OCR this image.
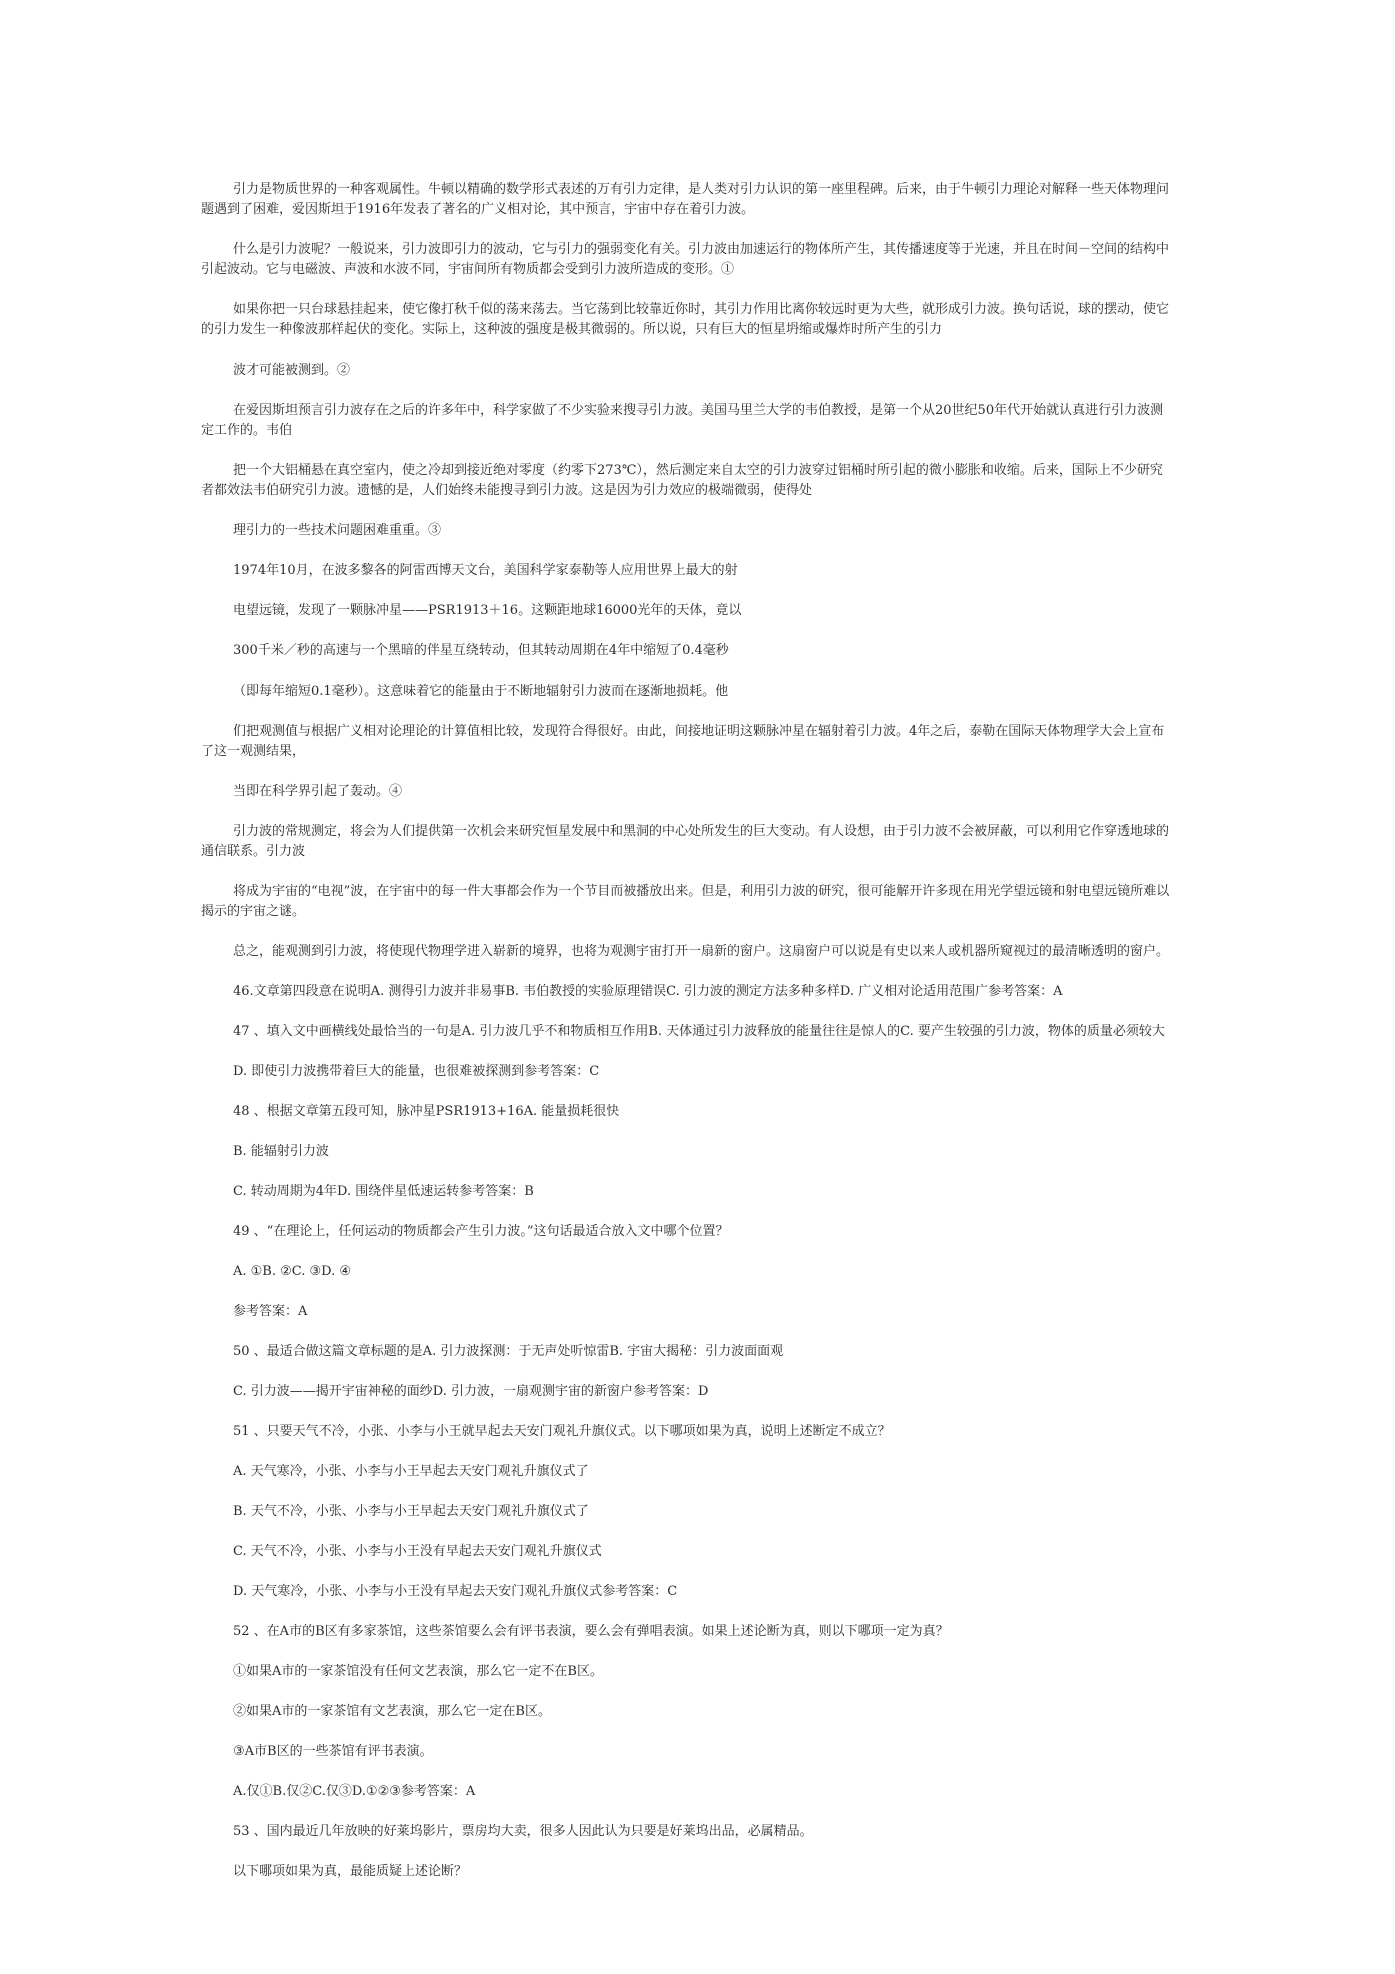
引力是物质世界的一种客观属性。牛顿以精确的数学形式表述的万有引力定律，是人类对引力认识的第一座里程碑。后来，由于牛顿引力理论对解释一些天体物理问题遇到了困难，爱因斯坦于1916年发表了著名的广义相对论，其中预言，宇宙中存在着引力波。

什么是引力波呢？一般说来，引力波即引力的波动，它与引力的强弱变化有关。引力波由加速运行的物体所产生，其传播速度等于光速，并且在时间－空间的结构中引起波动。它与电磁波、声波和水波不同，宇宙间所有物质都会受到引力波所造成的变形。①

如果你把一只台球悬挂起来，使它像打秋千似的荡来荡去。当它荡到比较靠近你时，其引力作用比离你较远时更为大些，就形成引力波。换句话说，球的摆动，使它的引力发生一种像波那样起伏的变化。实际上，这种波的强度是极其微弱的。所以说，只有巨大的恒星坍缩或爆炸时所产生的引力

波才可能被测到。②

在爱因斯坦预言引力波存在之后的许多年中，科学家做了不少实验来搜寻引力波。美国马里兰大学的韦伯教授，是第一个从20世纪50年代开始就认真进行引力波测定工作的。韦伯

把一个大铝桶悬在真空室内，使之冷却到接近绝对零度（约零下273℃），然后测定来自太空的引力波穿过铝桶时所引起的微小膨胀和收缩。后来，国际上不少研究者都效法韦伯研究引力波。遗憾的是，人们始终未能搜寻到引力波。这是因为引力效应的极端微弱，使得处

理引力的一些技术问题困难重重。③

1974年10月，在波多黎各的阿雷西博天文台，美国科学家泰勒等人应用世界上最大的射

电望远镜，发现了一颗脉冲星——PSR1913＋16。这颗距地球16000光年的天体，竟以

300千米／秒的高速与一个黑暗的伴星互绕转动，但其转动周期在4年中缩短了0.4毫秒

（即每年缩短0.1毫秒）。这意味着它的能量由于不断地辐射引力波而在逐渐地损耗。他

们把观测值与根据广义相对论理论的计算值相比较，发现符合得很好。由此，间接地证明这颗脉冲星在辐射着引力波。4年之后，泰勒在国际天体物理学大会上宣布了这一观测结果，

当即在科学界引起了轰动。④

引力波的常规测定，将会为人们提供第一次机会来研究恒星发展中和黑洞的中心处所发生的巨大变动。有人设想，由于引力波不会被屏蔽，可以利用它作穿透地球的通信联系。引力波

将成为宇宙的“电视”波，在宇宙中的每一件大事都会作为一个节目而被播放出来。但是，利用引力波的研究，很可能解开许多现在用光学望远镜和射电望远镜所难以揭示的宇宙之谜。

总之，能观测到引力波，将使现代物理学进入崭新的境界，也将为观测宇宙打开一扇新的窗户。这扇窗户可以说是有史以来人或机器所窥视过的最清晰透明的窗户。

46.文章第四段意在说明A. 测得引力波并非易事B. 韦伯教授的实验原理错误C. 引力波的测定方法多种多样D. 广义相对论适用范围广参考答案：A

47 、填入文中画横线处最恰当的一句是A. 引力波几乎不和物质相互作用B. 天体通过引力波释放的能量往往是惊人的C. 要产生较强的引力波，物体的质量必须较大

D. 即使引力波携带着巨大的能量，也很难被探测到参考答案：C

48 、根据文章第五段可知，脉冲星PSR1913+16A. 能量损耗很快

B. 能辐射引力波

C. 转动周期为4年D. 围绕伴星低速运转参考答案：B

49 、“在理论上，任何运动的物质都会产生引力波。”这句话最适合放入文中哪个位置？

A. ①B. ②C. ③D. ④

参考答案：A

50 、最适合做这篇文章标题的是A. 引力波探测：于无声处听惊雷B. 宇宙大揭秘：引力波面面观

C. 引力波——揭开宇宙神秘的面纱D. 引力波，一扇观测宇宙的新窗户参考答案：D

51 、只要天气不冷，小张、小李与小王就早起去天安门观礼升旗仪式。以下哪项如果为真，说明上述断定不成立？

A. 天气寒冷，小张、小李与小王早起去天安门观礼升旗仪式了

B. 天气不冷，小张、小李与小王早起去天安门观礼升旗仪式了

C. 天气不冷，小张、小李与小王没有早起去天安门观礼升旗仪式

D. 天气寒冷，小张、小李与小王没有早起去天安门观礼升旗仪式参考答案：C

52 、在A市的B区有多家茶馆，这些茶馆要么会有评书表演，要么会有弹唱表演。如果上述论断为真，则以下哪项一定为真？

①如果A市的一家茶馆没有任何文艺表演，那么它一定不在B区。

②如果A市的一家茶馆有文艺表演，那么它一定在B区。

③A市B区的一些茶馆有评书表演。

A.仅①B.仅②C.仅③D.①②③参考答案：A

53 、国内最近几年放映的好莱坞影片，票房均大卖，很多人因此认为只要是好莱坞出品，必属精品。

以下哪项如果为真，最能质疑上述论断？
